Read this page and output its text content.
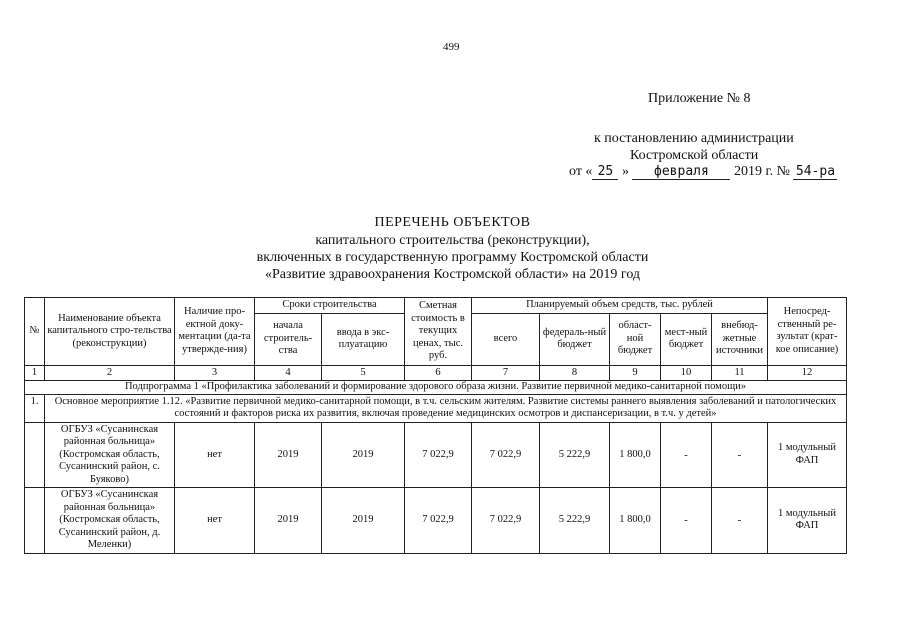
499
Приложение № 8
к постановлению администрации
Костромской области
от « 25 » февраля 2019 г. № 54-ра
ПЕРЕЧЕНЬ ОБЪЕКТОВ
капитального строительства (реконструкции),
включенных в государственную программу Костромской области
«Развитие здравоохранения Костромской области» на 2019 год
№	Наименование объекта капитального стро-тельства (реконструкции)	Наличие про-ектной доку-ментации (да-та утвержде-ния)	Сроки строительства		Сметная стоимость в текущих ценах, тыс. руб.	Планируемый объем средств, тыс. рублей					Непосред-ственный ре-зультат (крат-кое описание)
			начала строитель-ства	ввода в экс-плуатацию		всего	федераль-ный бюджет	област-ной бюджет	мест-ный бюджет	внебюд-жетные источники	
1	2	3	4	5	6	7	8	9	10	11	12
Подпрограмма 1 «Профилактика заболеваний и формирование здорового образа жизни. Развитие первичной медико-санитарной помощи»											
1.	Основное мероприятие 1.12. «Развитие первичной медико-санитарной помощи, в т.ч. сельским жителям. Развитие системы раннего выявления заболеваний и патологических состояний и факторов риска их развития, включая проведение медицинских осмотров и диспансеризации, в т.ч. у детей»										
	ОГБУЗ «Сусанинская районная больница» (Костромская область, Сусанинский район, с. Буяково)	нет	2019	2019	7 022,9	7 022,9	5 222,9	1 800,0	-	-	1 модульный ФАП
	ОГБУЗ «Сусанинская районная больница» (Костромская область, Сусанинский район, д. Меленки)	нет	2019	2019	7 022,9	7 022,9	5 222,9	1 800,0	-	-	1 модульный ФАП
